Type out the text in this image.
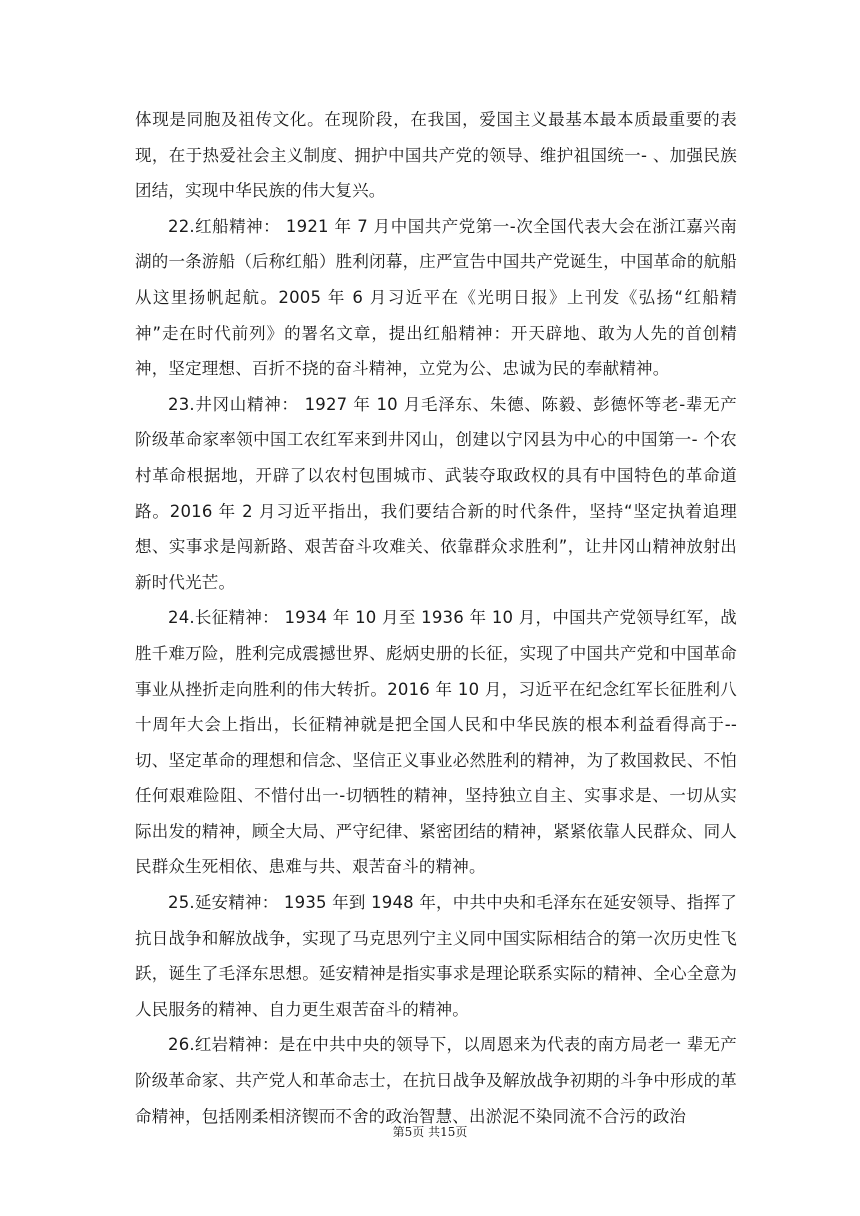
体现是同胞及祖传文化。在现阶段，在我国，爱国主义最基本最本质最重要的表现，在于热爱社会主义制度、拥护中国共产党的领导、维护祖国统一- 、加强民族团结，实现中华民族的伟大复兴。

22.红船精神： 1921 年 7 月中国共产党第一-次全国代表大会在浙江嘉兴南湖的一条游船（后称红船）胜利闭幕，庄严宣告中国共产党诞生，中国革命的航船从这里扬帆起航。2005 年 6 月习近平在《光明日报》上刊发《弘扬“红船精神”走在时代前列》的署名文章，提出红船精神：开天辟地、敢为人先的首创精神，坚定理想、百折不挠的奋斗精神，立党为公、忠诚为民的奉献精神。

23.井冈山精神： 1927 年 10 月毛泽东、朱德、陈毅、彭德怀等老-辈无产阶级革命家率领中国工农红军来到井冈山，创建以宁冈县为中心的中国第一- 个农村革命根据地，开辟了以农村包围城市、武装夺取政权的具有中国特色的革命道路。2016 年 2 月习近平指出，我们要结合新的时代条件，坚持“坚定执着追理想、实事求是闯新路、艰苦奋斗攻难关、依靠群众求胜利”，让井冈山精神放射出新时代光芒。

24.长征精神： 1934 年 10 月至 1936 年 10 月，中国共产党领导红军，战胜千难万险，胜利完成震撼世界、彪炳史册的长征，实现了中国共产党和中国革命事业从挫折走向胜利的伟大转折。2016 年 10 月，习近平在纪念红军长征胜利八十周年大会上指出，长征精神就是把全国人民和中华民族的根本利益看得高于--切、坚定革命的理想和信念、坚信正义事业必然胜利的精神，为了救国救民、不怕任何艰难险阻、不惜付出一-切牺牲的精神，坚持独立自主、实事求是、一切从实际出发的精神，顾全大局、严守纪律、紧密团结的精神，紧紧依靠人民群众、同人民群众生死相依、患难与共、艰苦奋斗的精神。

25.延安精神： 1935 年到 1948 年，中共中央和毛泽东在延安领导、指挥了抗日战争和解放战争，实现了马克思列宁主义同中国实际相结合的第一次历史性飞跃，诞生了毛泽东思想。延安精神是指实事求是理论联系实际的精神、全心全意为人民服务的精神、自力更生艰苦奋斗的精神。

26.红岩精神：是在中共中央的领导下，以周恩来为代表的南方局老一 辈无产阶级革命家、共产党人和革命志士，在抗日战争及解放战争初期的斗争中形成的革命精神，包括刚柔相济锲而不舍的政治智慧、出淤泥不染同流不合污的政治

第5页 共15页
